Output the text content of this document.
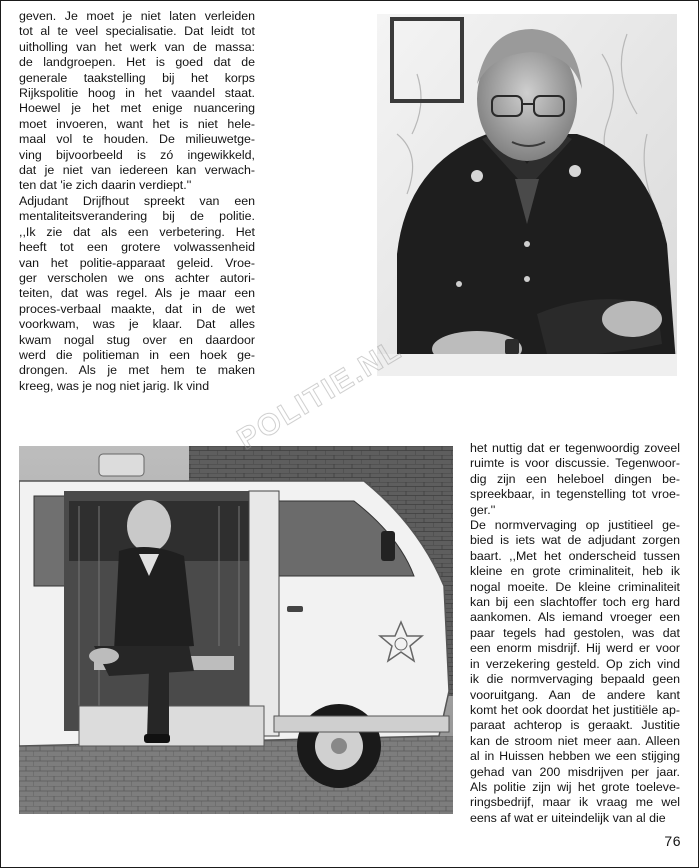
geven. Je moet je niet laten verleiden
tot al te veel specialisatie. Dat leidt tot
uitholling van het werk van de massa:
de landgroepen. Het is goed dat de
generale taakstelling bij het korps
Rijkspolitie hoog in het vaandel staat.
Hoewel je het met enige nuancering
moet invoeren, want het is niet hele-
maal vol te houden. De milieuwetge-
ving bijvoorbeeld is zó ingewikkeld,
dat je niet van iedereen kan verwach-
ten dat 'ie zich daarin verdiept.''
Adjudant Drijfhout spreekt van een
mentaliteitsverandering bij de politie.
,,Ik zie dat als een verbetering. Het
heeft tot een grotere volwassenheid
van het politie-apparaat geleid. Vroe-
ger verscholen we ons achter autori-
teiten, dat was regel. Als je maar een
proces-verbaal maakte, dat in de wet
voorkwam, was je klaar. Dat alles
kwam nogal stug over en daardoor
werd die politieman in een hoek ge-
drongen. Als je met hem te maken
kreeg, was je nog niet jarig. Ik vind
het nuttig dat er tegenwoordig zoveel
ruimte is voor discussie. Tegenwoor-
dig zijn een heleboel dingen be-
spreekbaar, in tegenstelling tot vroe-
ger.''
De normvervaging op justitieel ge-
bied is iets wat de adjudant zorgen
baart. ,,Met het onderscheid tussen
kleine en grote criminaliteit, heb ik
nogal moeite. De kleine criminaliteit
kan bij een slachtoffer toch erg hard
aankomen. Als iemand vroeger een
paar tegels had gestolen, was dat
een enorm misdrijf. Hij werd er voor
in verzekering gesteld. Op zich vind
ik die normvervaging bepaald geen
vooruitgang. Aan de andere kant
komt het ook doordat het justitiële ap-
paraat achterop is geraakt. Justitie
kan de stroom niet meer aan. Alleen
al in Huissen hebben we een stijging
gehad van 200 misdrijven per jaar.
Als politie zijn wij het grote toeleve-
ringsbedrijf, maar ik vraag me wel
eens af wat er uiteindelijk van al die
POLITIE.NL
76
